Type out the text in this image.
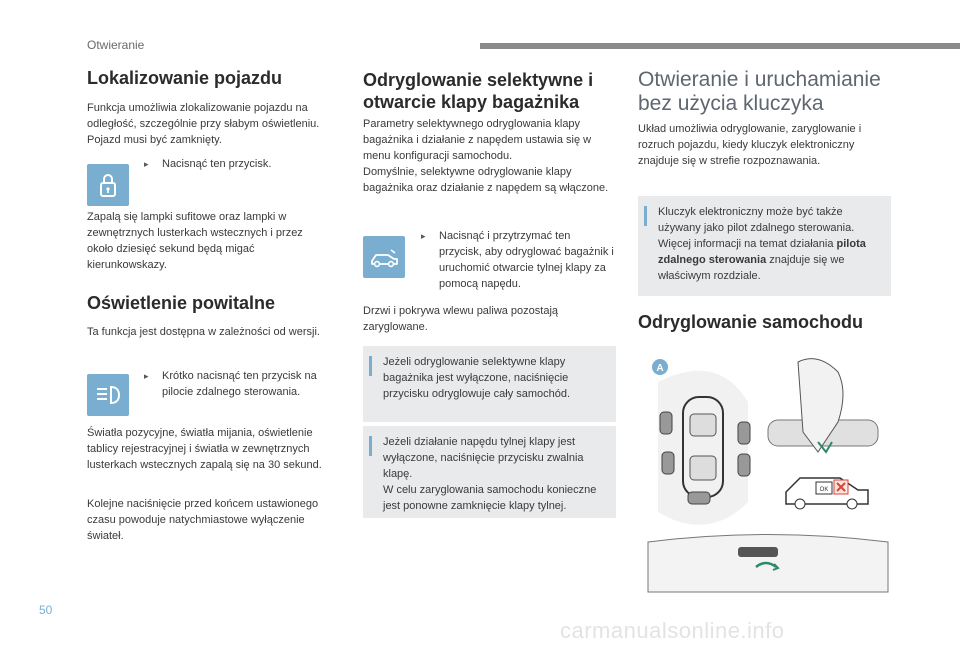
Otwieranie
Lokalizowanie pojazdu

Funkcja umożliwia zlokalizowanie pojazdu na odległość, szczególnie przy słabym oświetleniu. Pojazd musi być zamknięty.

▸	Nacisnąć ten przycisk.

Zapalą się lampki sufitowe oraz lampki w zewnętrznych lusterkach wstecznych i przez około dziesięć sekund będą migać kierunkowskazy.

Oświetlenie powitalne

Ta funkcja jest dostępna w zależności od wersji.

▸	Krótko nacisnąć ten przycisk na pilocie zdalnego sterowania.

Światła pozycyjne, światła mijania, oświetlenie tablicy rejestracyjnej i światła w zewnętrznych lusterkach wstecznych zapalą się na 30 sekund.

Kolejne naciśnięcie przed końcem ustawionego czasu powoduje natychmiastowe wyłączenie świateł.

Odryglowanie selektywne i otwarcie klapy bagażnika

Parametry selektywnego odryglowania klapy bagażnika i działanie z napędem ustawia się w menu konfiguracji samochodu.

Domyślnie, selektywne odryglowanie klapy bagażnika oraz działanie z napędem są włączone.

▸	Nacisnąć i przytrzymać ten przycisk, aby odryglować bagażnik i uruchomić otwarcie tylnej klapy za pomocą napędu.

Drzwi i pokrywa wlewu paliwa pozostają zaryglowane.

Jeżeli odryglowanie selektywne klapy bagażnika jest wyłączone, naciśnięcie przycisku odryglowuje cały samochód.
Jeżeli działanie napędu tylnej klapy jest wyłączone, naciśnięcie przycisku zwalnia klapę.
W celu zaryglowania samochodu konieczne jest ponowne zamknięcie klapy tylnej.
Otwieranie i uruchamianie bez użycia kluczyka

Układ umożliwia odryglowanie, zaryglowanie i rozruch pojazdu, kiedy kluczyk elektroniczny znajduje się w strefie rozpoznawania.

Kluczyk elektroniczny może być także używany jako pilot zdalnego sterowania. Więcej informacji na temat działania pilota zdalnego sterowania znajduje się we właściwym rozdziale.
Odryglowanie samochodu
A
OK
50
carmanualsonline.info
